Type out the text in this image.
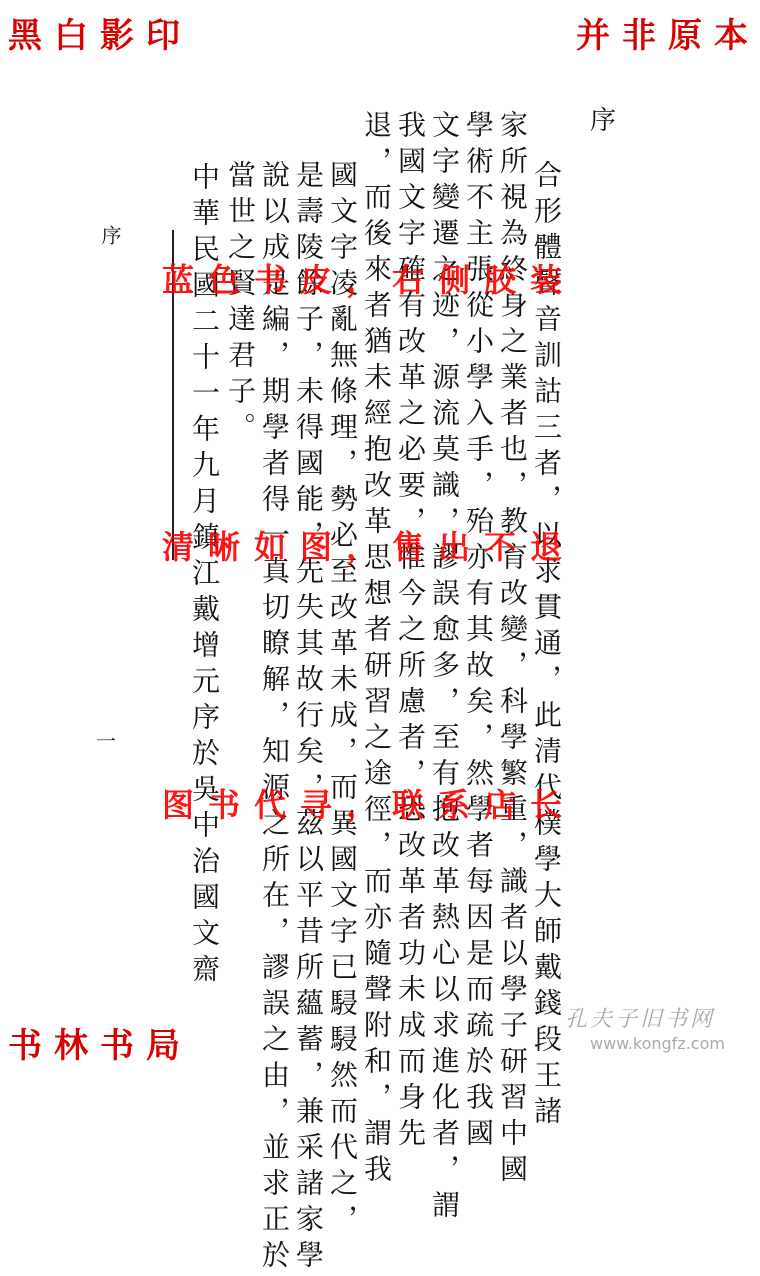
黑白影印	并非原本
书林书局
序
序
一	合形體聲音訓詁三者，以求貫通，此清代樸學大師戴錢段王諸
家所視為終身之業者也，教育改變，科學繁重，識者以學子研習中國
學術不主張從小學入手，殆亦有其故矣，然學者每因是而疏於我國
文字變遷之迹，源流莫識，謬誤愈多，至有抱改革熱心以求進化者，謂
我國文字確有改革之必要，惟今之所慮者，恐改革者功未成而身先
退，而後來者猶未經抱改革思想者研習之途徑，而亦隨聲附和，謂我
國文字凌亂無條理，勢必至改革未成，而異國文字已駸駸然而代之，
是壽陵餘子，未得國能，先失其故行矣，茲以平昔所蘊蓄，兼采諸家學
說以成是編，期學者得一真切瞭解，知源之所在，謬誤之由，並求正於
當世之賢達君子。
中華民國二十一年九月鎮江戴增元序於吳中治國文齋
蓝色书皮，右侧胶装
清晰如图，售出不退
图书代寻，联系店长
孔夫子旧书网
www.kongfz.com
